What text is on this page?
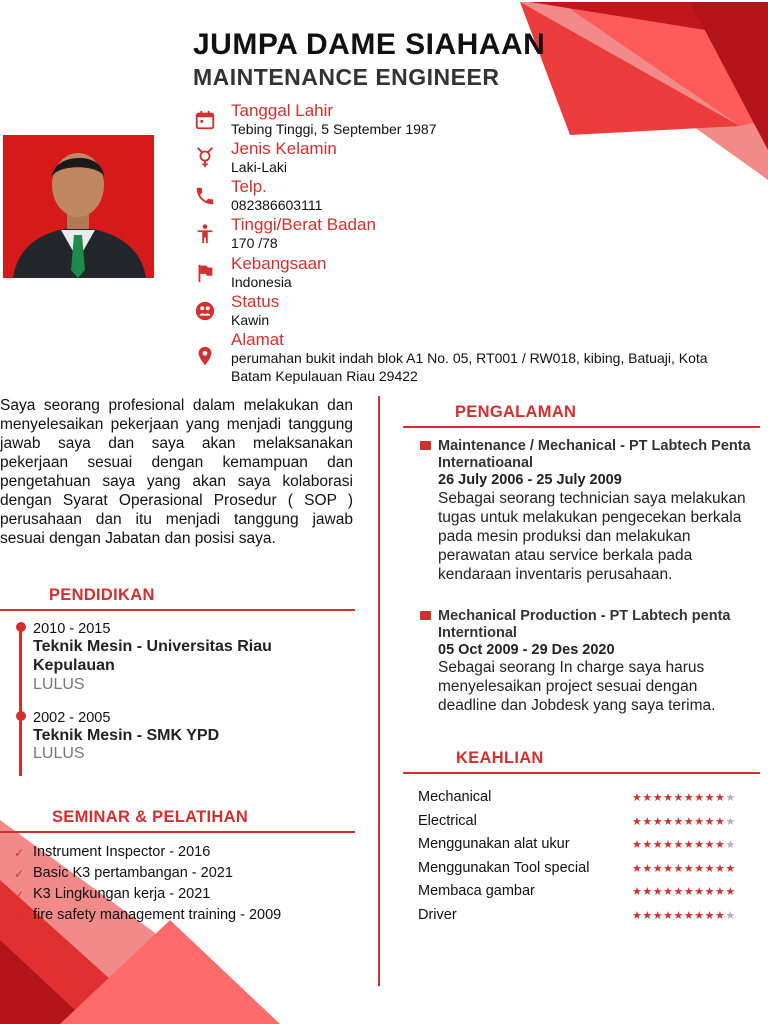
JUMPA DAME SIAHAAN
MAINTENANCE ENGINEER
Tanggal Lahir
Tebing Tinggi, 5 September 1987
Jenis Kelamin
Laki-Laki
Telp.
082386603111
Tinggi/Berat Badan
170 /78
Kebangsaan
Indonesia
Status
Kawin
Alamat
perumahan bukit indah blok A1 No. 05, RT001 / RW018, kibing, Batuaji, Kota
Batam Kepulauan Riau 29422
Saya seorang profesional dalam melakukan dan menyelesaikan pekerjaan yang menjadi tanggung jawab saya dan saya akan melaksanakan pekerjaan sesuai dengan kemampuan dan pengetahuan saya yang akan saya kolaborasi dengan Syarat Operasional Prosedur ( SOP ) perusahaan dan itu menjadi tanggung jawab sesuai dengan Jabatan dan posisi saya.
PENDIDIKAN
2010 - 2015
Teknik Mesin - Universitas Riau Kepulauan
LULUS
2002 - 2005
Teknik Mesin - SMK YPD
LULUS
SEMINAR & PELATIHAN
✓ Instrument Inspector - 2016
✓ Basic K3 pertambangan - 2021
✓ K3 Lingkungan kerja - 2021
✓ fire safety management training - 2009
PENGALAMAN
Maintenance / Mechanical - PT Labtech Penta Internatioanal
26 July 2006 - 25 July 2009
Sebagai seorang technician saya melakukan tugas untuk melakukan pengecekan berkala pada mesin produksi dan melakukan perawatan atau service berkala pada kendaraan inventaris perusahaan.
Mechanical Production - PT Labtech penta Interntional
05 Oct 2009 - 29 Des 2020
Sebagai seorang In charge saya harus menyelesaikan project sesuai dengan deadline dan Jobdesk yang saya terima.
KEAHLIAN
Mechanical	★★★★★★★★★★
Electrical	★★★★★★★★★★
Menggunakan alat ukur	★★★★★★★★★★
Menggunakan Tool special	★★★★★★★★★★
Membaca gambar	★★★★★★★★★★
Driver	★★★★★★★★★★
